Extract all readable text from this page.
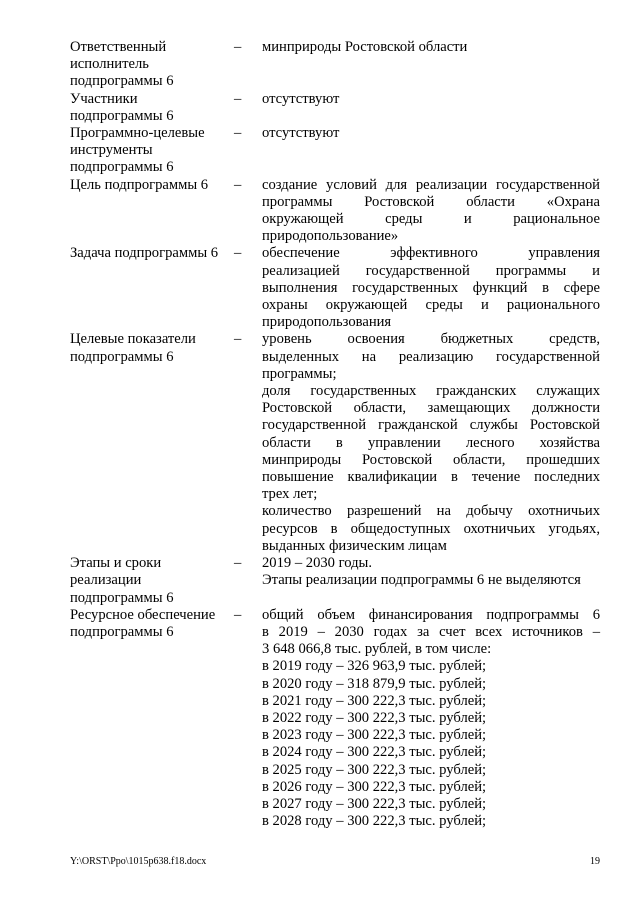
Ответственный
исполнитель
подпрограммы 6
–	минприроды Ростовской области
Участники
подпрограммы 6
–	отсутствуют
Программно-целевые
инструменты
подпрограммы 6
–	отсутствуют
Цель подпрограммы 6	–	создание условий для реализации государственной
программы Ростовской области «Охрана
окружающей среды и рациональное
природопользование»
Задача подпрограммы 6	–	обеспечение эффективного управления
реализацией государственной программы и
выполнения государственных функций в сфере
охраны окружающей среды и рационального
природопользования
Целевые показатели
подпрограммы 6
–	уровень освоения бюджетных средств,
выделенных на реализацию государственной
программы;
доля государственных гражданских служащих
Ростовской области, замещающих должности
государственной гражданской службы Ростовской
области в управлении лесного хозяйства
минприроды Ростовской области, прошедших
повышение квалификации в течение последних
трех лет;
количество разрешений на добычу охотничьих
ресурсов в общедоступных охотничьих угодьях,
выданных физическим лицам
Этапы и сроки
реализации
подпрограммы 6
–	2019 – 2030 годы.
Этапы реализации подпрограммы 6 не выделяются
Ресурсное обеспечение
подпрограммы 6
–	общий объем финансирования подпрограммы 6
в 2019 – 2030 годах за счет всех источников –
3 648 066,8 тыс. рублей, в том числе:
в 2019 году – 326 963,9 тыс. рублей;
в 2020 году – 318 879,9 тыс. рублей;
в 2021 году – 300 222,3 тыс. рублей;
в 2022 году – 300 222,3 тыс. рублей;
в 2023 году – 300 222,3 тыс. рублей;
в 2024 году – 300 222,3 тыс. рублей;
в 2025 году – 300 222,3 тыс. рублей;
в 2026 году – 300 222,3 тыс. рублей;
в 2027 году – 300 222,3 тыс. рублей;
в 2028 году – 300 222,3 тыс. рублей;
Y:\ORST\Ppo\1015p638.f18.docx	19
